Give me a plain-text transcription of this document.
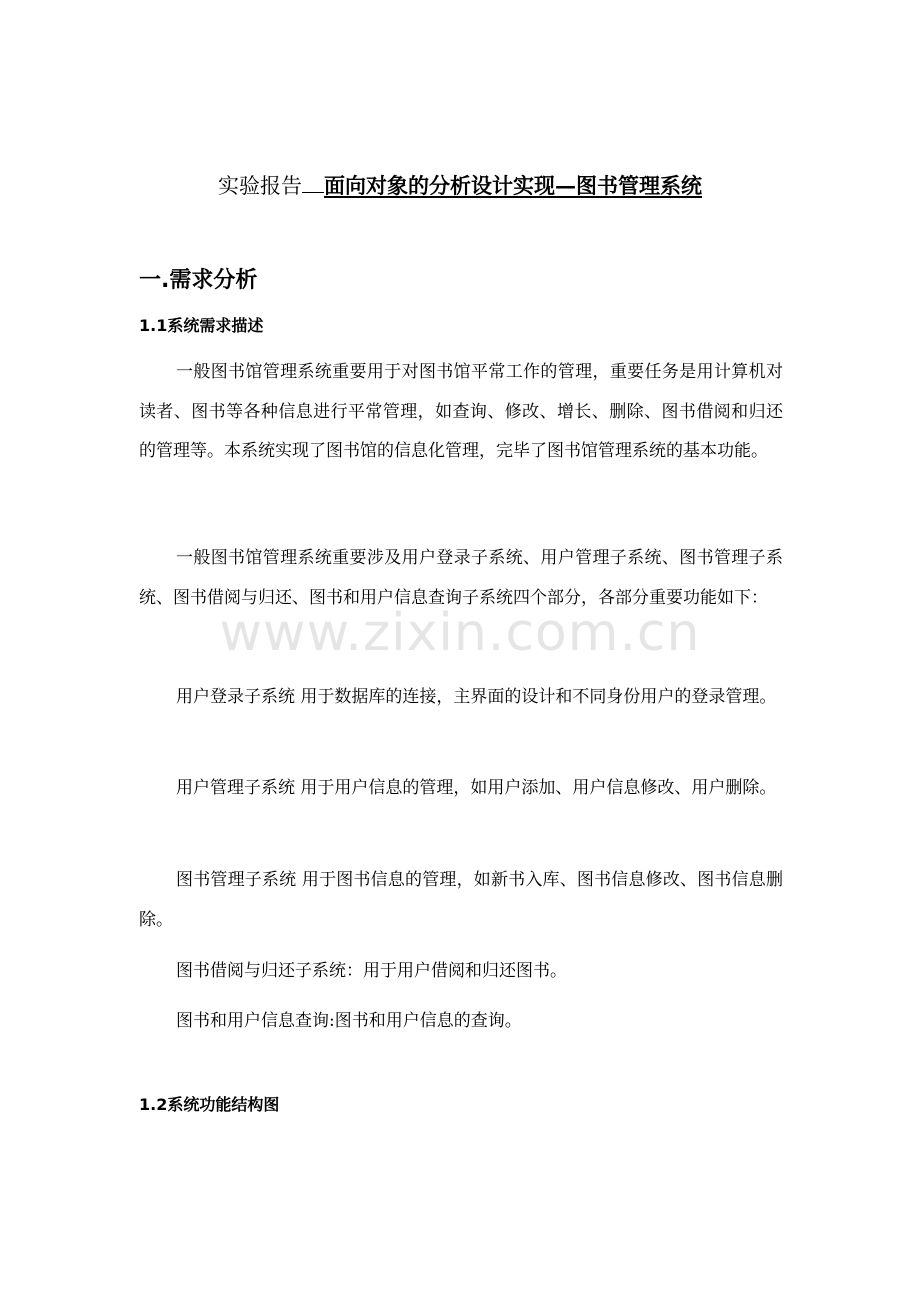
实验报告 面向对象的分析设计实现—图书管理系统
一.需求分析
1.1系统需求描述

一般图书馆管理系统重要用于对图书馆平常工作的管理，重要任务是用计算机对读者、图书等各种信息进行平常管理，如查询、修改、增长、删除、图书借阅和归还的管理等。本系统实现了图书馆的信息化管理，完毕了图书馆管理系统的基本功能。

一般图书馆管理系统重要涉及用户登录子系统、用户管理子系统、图书管理子系统、图书借阅与归还、图书和用户信息查询子系统四个部分，各部分重要功能如下：

用户登录子系统 用于数据库的连接，主界面的设计和不同身份用户的登录管理。

用户管理子系统 用于用户信息的管理，如用户添加、用户信息修改、用户删除。

图书管理子系统 用于图书信息的管理，如新书入库、图书信息修改、图书信息删除。

图书借阅与归还子系统：用于用户借阅和归还图书。

图书和用户信息查询:图书和用户信息的查询。

1.2系统功能结构图
www.zixin.com.cn
